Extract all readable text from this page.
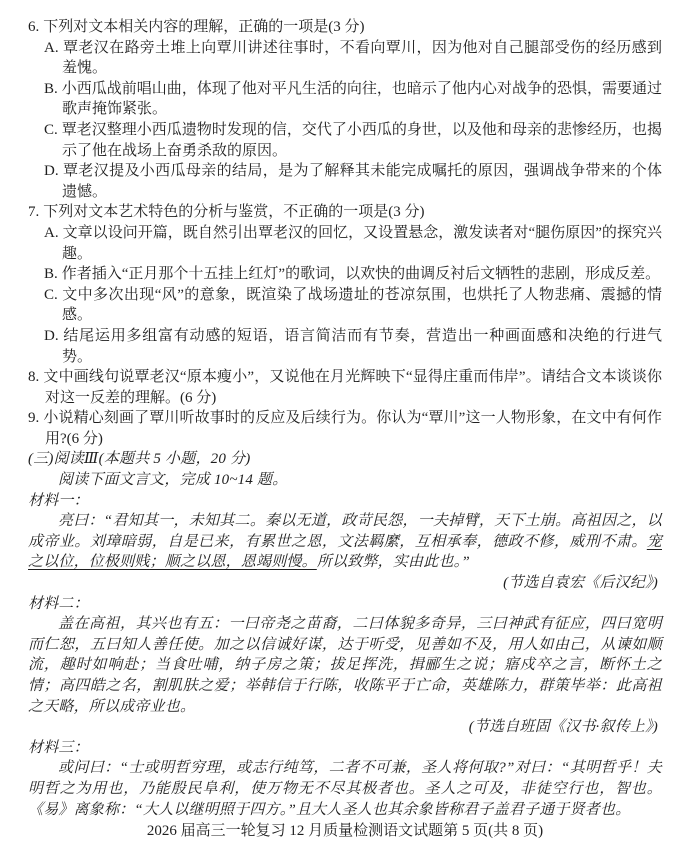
6. 下列对文本相关内容的理解，正确的一项是(3 分)
A. 覃老汉在路旁土堆上向覃川讲述往事时，不看向覃川，因为他对自己腿部受伤的经历感到羞愧。
B. 小西瓜战前唱山曲，体现了他对平凡生活的向往，也暗示了他内心对战争的恐惧，需要通过歌声掩饰紧张。
C. 覃老汉整理小西瓜遗物时发现的信，交代了小西瓜的身世，以及他和母亲的悲惨经历，也揭示了他在战场上奋勇杀敌的原因。
D. 覃老汉提及小西瓜母亲的结局，是为了解释其未能完成嘱托的原因，强调战争带来的个体遗憾。
7. 下列对文本艺术特色的分析与鉴赏，不正确的一项是(3 分)
A. 文章以设问开篇，既自然引出覃老汉的回忆，又设置悬念，激发读者对“腿伤原因”的探究兴趣。
B. 作者插入“正月那个十五挂上红灯”的歌词，以欢快的曲调反衬后文牺牲的悲剧，形成反差。
C. 文中多次出现“风”的意象，既渲染了战场遗址的苍凉氛围，也烘托了人物悲痛、震撼的情感。
D. 结尾运用多组富有动感的短语，语言简洁而有节奏，营造出一种画面感和决绝的行进气势。
8. 文中画线句说覃老汉“原本瘦小”，又说他在月光辉映下“显得庄重而伟岸”。请结合文本谈谈你对这一反差的理解。(6 分)
9. 小说精心刻画了覃川听故事时的反应及后续行为。你认为“覃川”这一人物形象，在文中有何作用?(6 分)
(三)阅读Ⅲ(本题共 5 小题，20 分)
阅读下面文言文，完成 10~14 题。
材料一：
亮曰：“君知其一，未知其二。秦以无道，政苛民怨，一夫掉臂，天下土崩。高祖因之，以成帝业。刘璋暗弱，自是已来，有累世之恩，文法羁縻，互相承奉，德政不修，威刑不肃。宠之以位，位极则贱；顺之以恩，恩竭则慢。所以致弊，实由此也。”
(节选自袁宏《后汉纪》)
材料二：
盖在高祖，其兴也有五：一曰帝尧之苗裔，二曰体貌多奇异，三曰神武有征应，四曰宽明而仁恕，五曰知人善任使。加之以信诚好谋，达于听受，见善如不及，用人如由己，从谏如顺流，趣时如响赴；当食吐哺，纳子房之策；拔足挥洗，揖郦生之说；寤戍卒之言，断怀土之情；高四皓之名，割肌肤之爱；举韩信于行陈，收陈平于亡命，英雄陈力，群策毕举：此高祖之天略，所以成帝业也。
(节选自班固《汉书·叙传上》)
材料三：
或问曰：“士或明哲穷理，或志行纯笃，二者不可兼，圣人将何取?”对曰：“其明哲乎！夫明哲之为用也，乃能殷民阜利，使万物无不尽其极者也。圣人之可及，非徒空行也，智也。《易》离象称：“大人以继明照于四方。”且大人圣人也其余象皆称君子盖君子通于贤者也。
2026 届高三一轮复习 12 月质量检测语文试题第 5 页(共 8 页)
